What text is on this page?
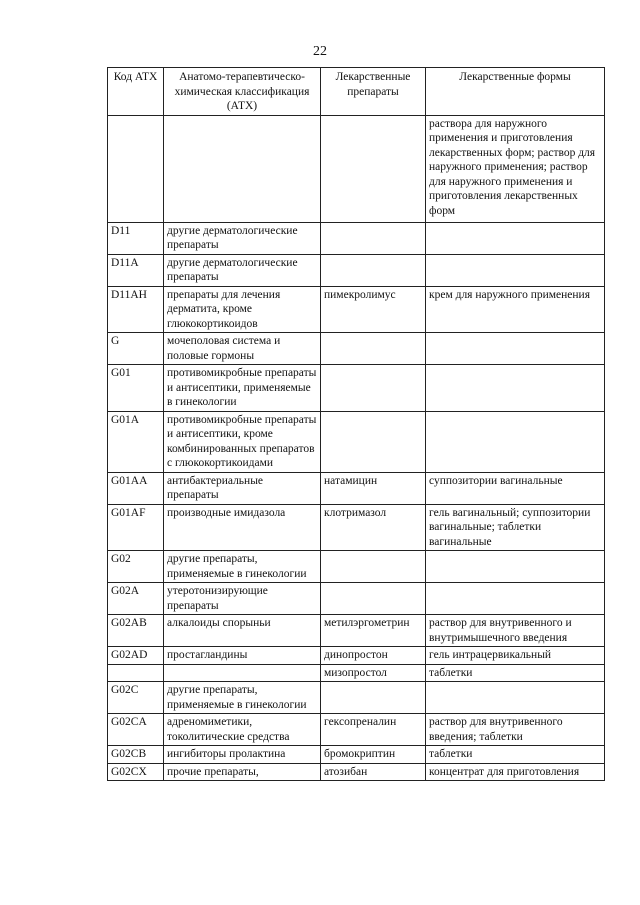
22
Код ATX	Анатомо-терапевтическо-химическая классификация (АТХ)	Лекарственные препараты	Лекарственные формы
			раствора для наружного применения и приготовления лекарственных форм; раствор для наружного применения; раствор для наружного применения и приготовления лекарственных форм
D11	другие дерматологические препараты		
D11A	другие дерматологические препараты		
D11AH	препараты для лечения дерматита, кроме глюкокортикоидов	пимекролимус	крем для наружного применения
G	мочеполовая система и половые гормоны		
G01	противомикробные препараты и антисептики, применяемые в гинекологии		
G01A	противомикробные препараты и антисептики, кроме комбинированных препаратов с глюкокортикоидами		
G01AA	антибактериальные препараты	натамицин	суппозитории вагинальные
G01AF	производные имидазола	клотримазол	гель вагинальный; суппозитории вагинальные; таблетки вагинальные
G02	другие препараты, применяемые в гинекологии		
G02A	утеротонизирующие препараты		
G02AB	алкалоиды спорыньи	метилэргометрин	раствор для внутривенного и внутримышечного введения
G02AD	простагландины	динопростон	гель интрацервикальный
		мизопростол	таблетки
G02C	другие препараты, применяемые в гинекологии		
G02CA	адреномиметики, токолитические средства	гексопреналин	раствор для внутривенного введения; таблетки
G02CB	ингибиторы пролактина	бромокриптин	таблетки
G02CX	прочие препараты,	атозибан	концентрат для приготовления
